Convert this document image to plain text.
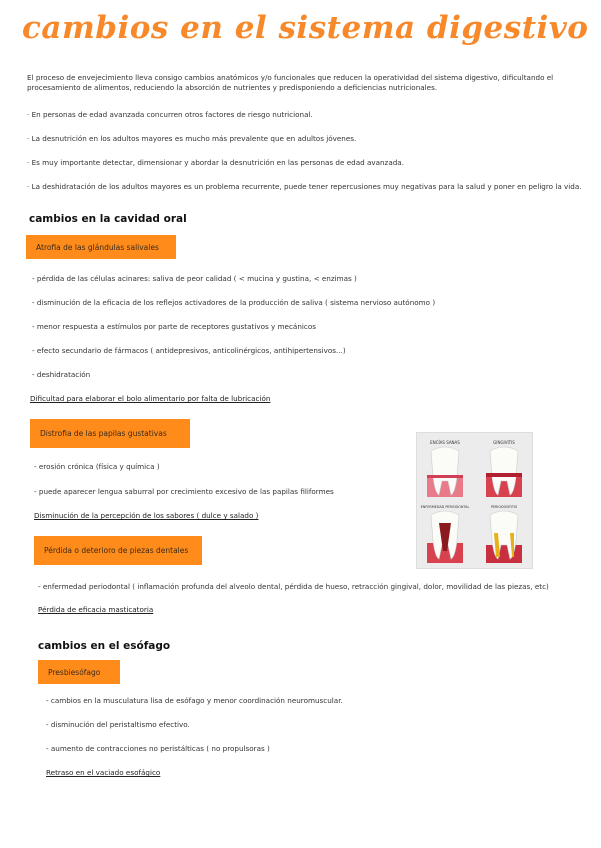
cambios en el sistema digestivo
El proceso de envejecimiento lleva consigo cambios anatómicos y/o funcionales que reducen la operatividad del sistema digestivo, dificultando el procesamiento de alimentos, reduciendo la absorción de nutrientes y predisponiendo a deficiencias nutricionales.
· En personas de edad avanzada concurren otros factores de riesgo nutricional.
· La desnutrición en los adultos mayores es mucho más prevalente que en adultos jóvenes.
· Es muy importante detectar, dimensionar y abordar la desnutrición en las personas de edad avanzada.
· La deshidratación de los adultos mayores es un problema recurrente, puede tener repercusiones muy negativas para la salud y poner en peligro la vida.
cambios en la cavidad oral
Atrofia de las glándulas salivales
- pérdida de las células acinares: saliva de peor calidad ( < mucina y gustina, < enzimas )
- disminución de la eficacia de los reflejos activadores de la producción de saliva ( sistema nervioso autónomo )
- menor respuesta a estímulos por parte de receptores gustativos y mecánicos
- efecto secundario de fármacos ( antidepresivos, anticolinérgicos, antihipertensivos...)
- deshidratación
Dificultad para elaborar el bolo alimentario por falta de lubricación
Distrofia de las papilas gustativas
- erosión crónica (física y química )
- puede aparecer lengua saburral por crecimiento excesivo de las papilas filiformes
Disminución de la percepción de los sabores ( dulce y salado )
Pérdida o deterioro de piezas dentales
- enfermedad periodontal ( inflamación profunda del alveolo dental, pérdida de hueso, retracción gingival, dolor, movilidad de las piezas, etc)
Pérdida de eficacia masticatoria
ENCÍAS SANAS	GINGIVITIS
ENFERMEDAD PERIODONTAL	PERIODONTITIS
cambios en el esófago
Presbiesófago
- cambios en la musculatura lisa de esófago y menor coordinación neuromuscular.
- disminución del peristaltismo efectivo.
- aumento de contracciones no peristálticas ( no propulsoras )
Retraso en el vaciado esofágico
